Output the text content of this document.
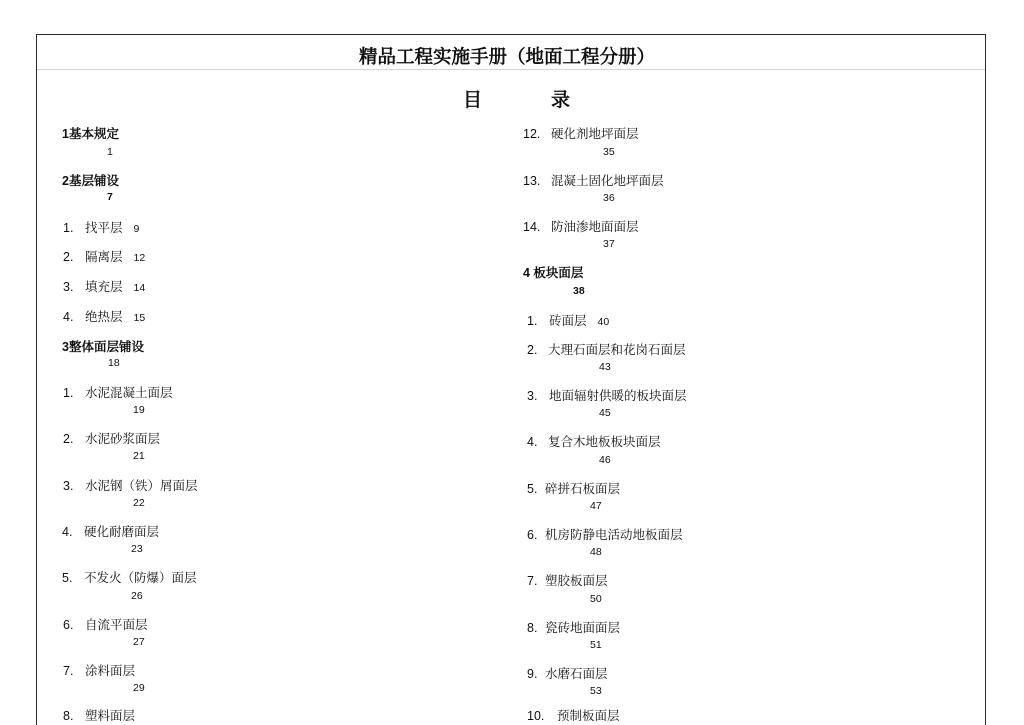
精品工程实施手册（地面工程分册）
目	录
1基本规定
1
2基层铺设
7
1. 找平层 9
2. 隔离层 12
3. 填充层 14
4. 绝热层 15
3整体面层铺设
18
1. 水泥混凝土面层
19
2. 水泥砂浆面层
21
3. 水泥钢（铁）屑面层
22
4. 硬化耐磨面层
23
5. 不发火（防爆）面层
26
6. 自流平面层
27
7. 涂料面层
29
8. 塑料面层
12. 硬化剂地坪面层
35
13. 混凝土固化地坪面层
36
14. 防油渗地面面层
37
4 板块面层
38
1. 砖面层 40
2. 大理石面层和花岗石面层
43
3. 地面辐射供暖的板块面层
45
4. 复合木地板板块面层
46
5. 碎拼石板面层
47
6. 机房防静电活动地板面层
48
7. 塑胶板面层
50
8. 瓷砖地面面层
51
9. 水磨石面层
53
10. 预制板面层
